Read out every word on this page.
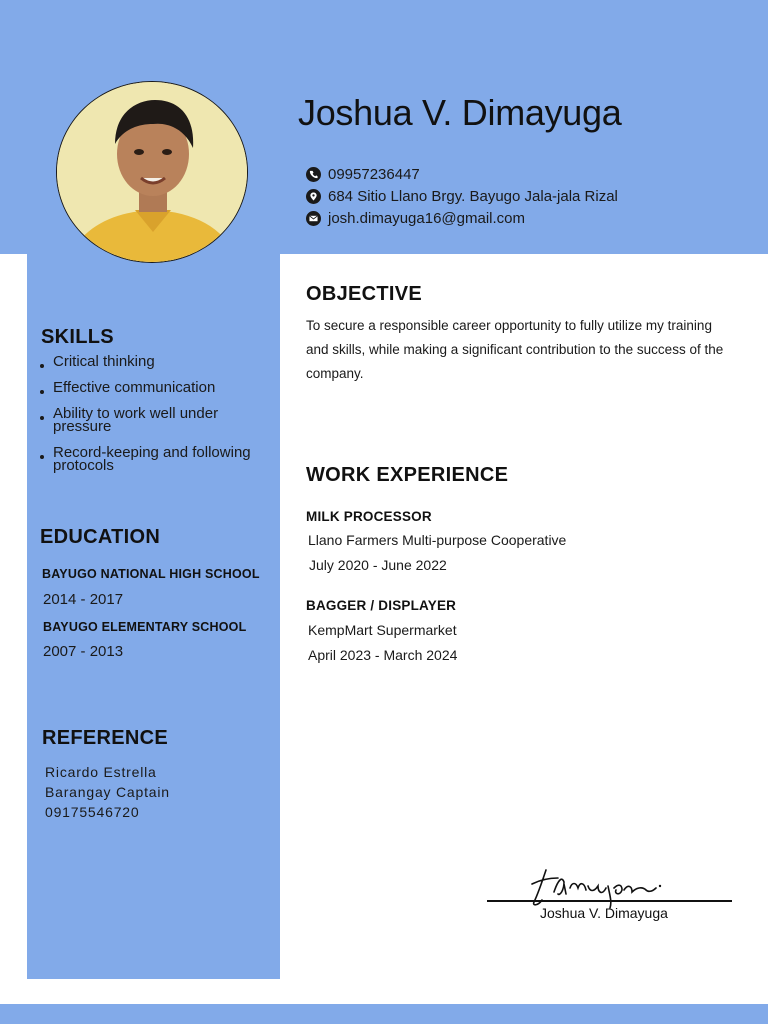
Joshua V. Dimayuga
09957236447
684 Sitio Llano Brgy. Bayugo Jala-jala Rizal
josh.dimayuga16@gmail.com
SKILLS
Critical thinking
Effective communication
Ability to work well under pressure
Record-keeping and following protocols
EDUCATION
BAYUGO NATIONAL HIGH SCHOOL
2014 - 2017
BAYUGO ELEMENTARY SCHOOL
2007 - 2013
REFERENCE
Ricardo Estrella
Barangay Captain
09175546720
OBJECTIVE
To secure a responsible career opportunity to fully utilize my training and skills, while making a significant contribution to the success of the company.
WORK EXPERIENCE
MILK PROCESSOR
Llano Farmers Multi-purpose Cooperative
July 2020 - June 2022
BAGGER / DISPLAYER
KempMart Supermarket
April 2023 - March 2024
Joshua V. Dimayuga
